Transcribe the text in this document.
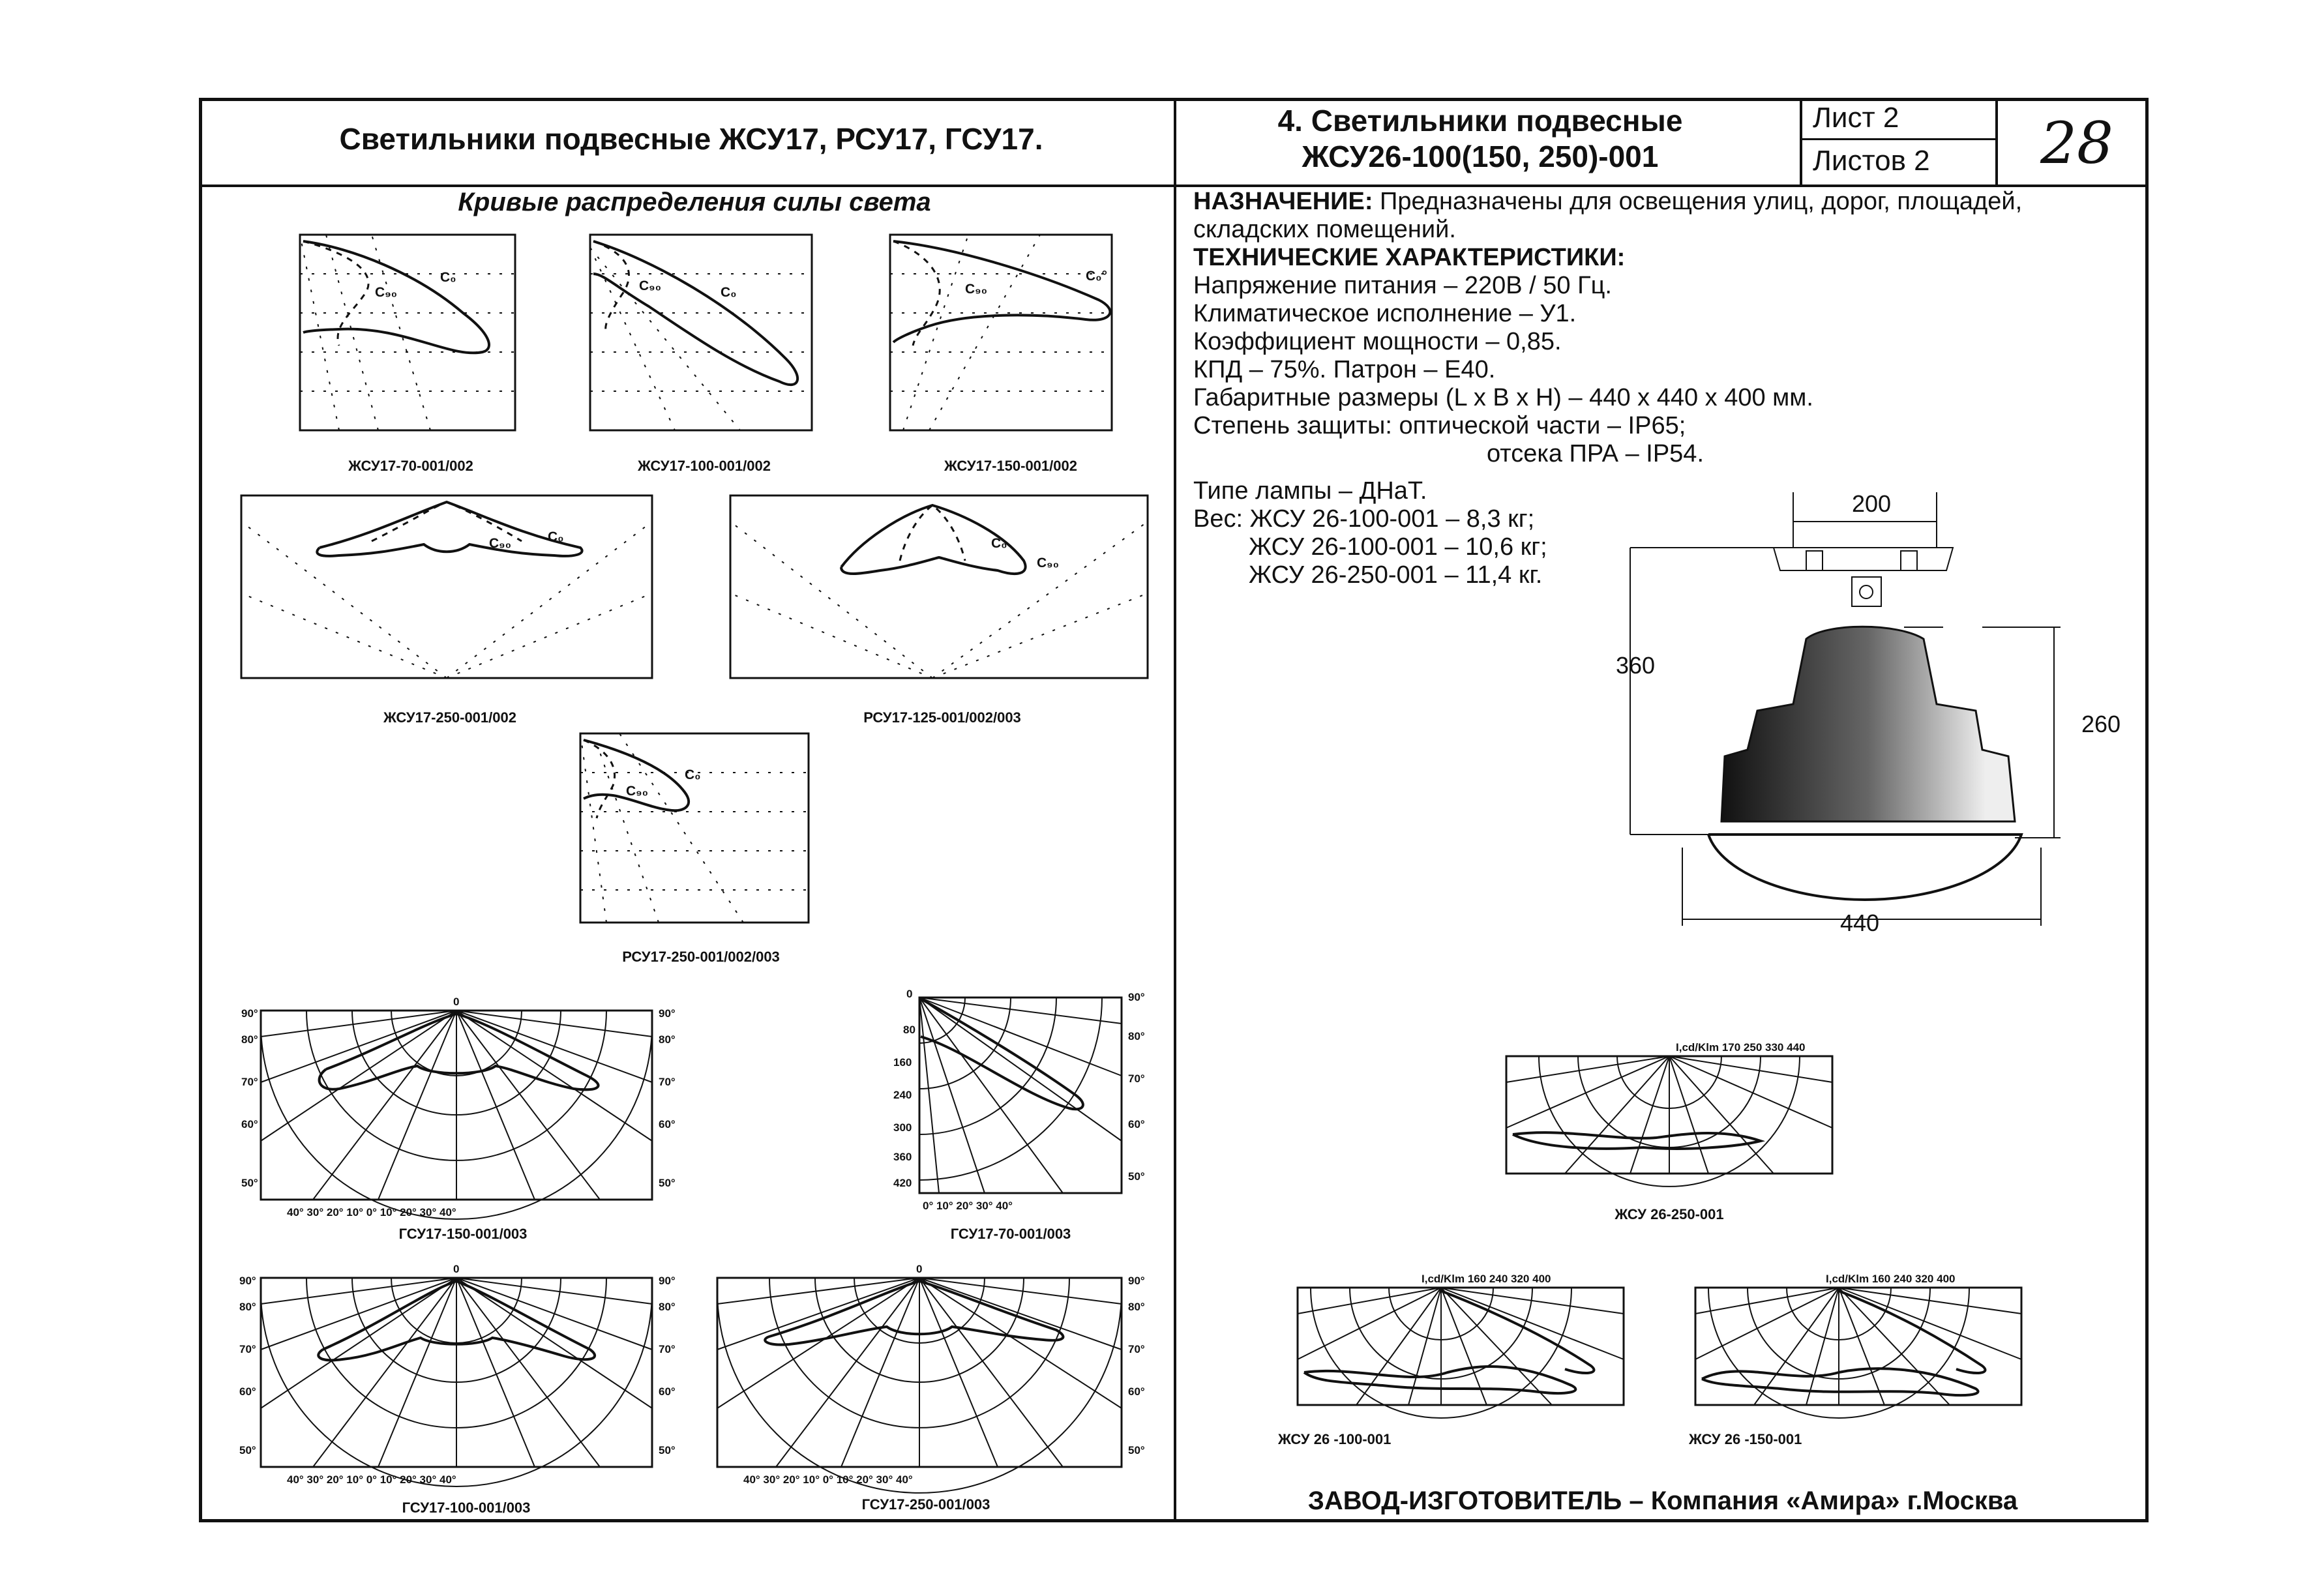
Светильники подвесные ЖСУ17, РСУ17, ГСУ17.
4. Светильники подвесные
ЖСУ26-100(150, 250)-001
Лист 2
Листов 2	28
Кривые распределения силы света
C₀
C₉₀
ЖСУ17-70-001/002
C₀
C₉₀
ЖСУ17-100-001/002
C₀°
C₉₀
ЖСУ17-150-001/002
C₀
C₉₀
ЖСУ17-250-001/002
C₀
C₉₀
РСУ17-125-001/002/003
C₀
C₉₀
РСУ17-250-001/002/003
0
90°
80°
70°
60°
50°
90°
80°
70°
60°
50°
40° 30° 20° 10° 0° 10° 20° 30° 40°
ГСУ17-150-001/003
0
80
160
240
300
360
420
90°
80°
70°
60°
50°
0° 10° 20° 30° 40°
ГСУ17-70-001/003
0
90°
80°
70°
60°
50°
90°
80°
70°
60°
50°
40° 30° 20° 10° 0° 10° 20° 30° 40°
ГСУ17-100-001/003
0
90°
80°
70°
60°
50°
40° 30° 20° 10° 0° 10° 20° 30° 40°
ГСУ17-250-001/003
НАЗНАЧЕНИЕ: Предназначены для освещения улиц, дорог, площадей,
складских помещений.
ТЕХНИЧЕСКИЕ ХАРАКТЕРИСТИКИ:
Напряжение питания – 220В / 50 Гц.
Климатическое исполнение – У1.
Коэффициент мощности – 0,85.
КПД – 75%. Патрон – Е40.
Габаритные размеры (L x B x H) – 440 x 440 x 400 мм.
Степень защиты: оптической части – IP65;
отсека ПРА – IP54.
Типе лампы – ДНаТ.
Вес: ЖСУ 26-100-001 – 8,3 кг;
ЖСУ 26-100-001 – 10,6 кг;
ЖСУ 26-250-001 – 11,4 кг.
200
360
260
440
I,cd/Klm 170 250 330 440
ЖСУ 26-250-001
I,cd/Klm 160 240 320 400
ЖСУ 26 -100-001
I,cd/Klm 160 240 320 400
ЖСУ 26 -150-001
ЗАВОД-ИЗГОТОВИТЕЛЬ – Компания «Амира» г.Москва
